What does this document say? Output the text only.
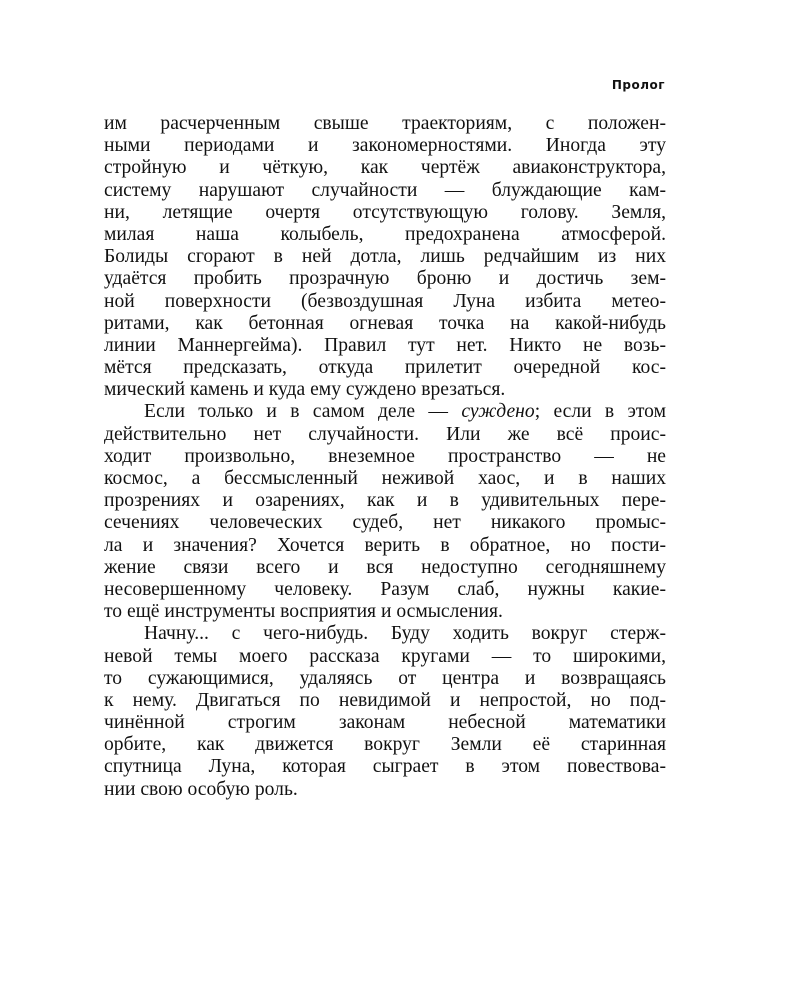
Пролог
им расчерченным свыше траекториям, с положен-
ными периодами и закономерностями. Иногда эту
стройную и чёткую, как чертёж авиаконструктора,
систему нарушают случайности — блуждающие кам-
ни, летящие очертя отсутствующую голову. Земля,
милая наша колыбель, предохранена атмосферой.
Болиды сгорают в ней дотла, лишь редчайшим из них
удаётся пробить прозрачную броню и достичь зем-
ной поверхности (безвоздушная Луна избита метео-
ритами, как бетонная огневая точка на какой-нибудь
линии Маннергейма). Правил тут нет. Никто не возь-
мётся предсказать, откуда прилетит очередной кос-
мический камень и куда ему суждено врезаться.
Если только и в самом деле — суждено; если в этом
действительно нет случайности. Или же всё проис-
ходит произвольно, внеземное пространство — не
космос, а бессмысленный неживой хаос, и в наших
прозрениях и озарениях, как и в удивительных пере-
сечениях человеческих судеб, нет никакого промыс-
ла и значения? Хочется верить в обратное, но пости-
жение связи всего и вся недоступно сегодняшнему
несовершенному человеку. Разум слаб, нужны какие-
то ещё инструменты восприятия и осмысления.
Начну... с чего-нибудь. Буду ходить вокруг стерж-
невой темы моего рассказа кругами — то широкими,
то сужающимися, удаляясь от центра и возвращаясь
к нему. Двигаться по невидимой и непростой, но под-
чинённой строгим законам небесной математики
орбите, как движется вокруг Земли её старинная
спутница Луна, которая сыграет в этом повествова-
нии свою особую роль.
